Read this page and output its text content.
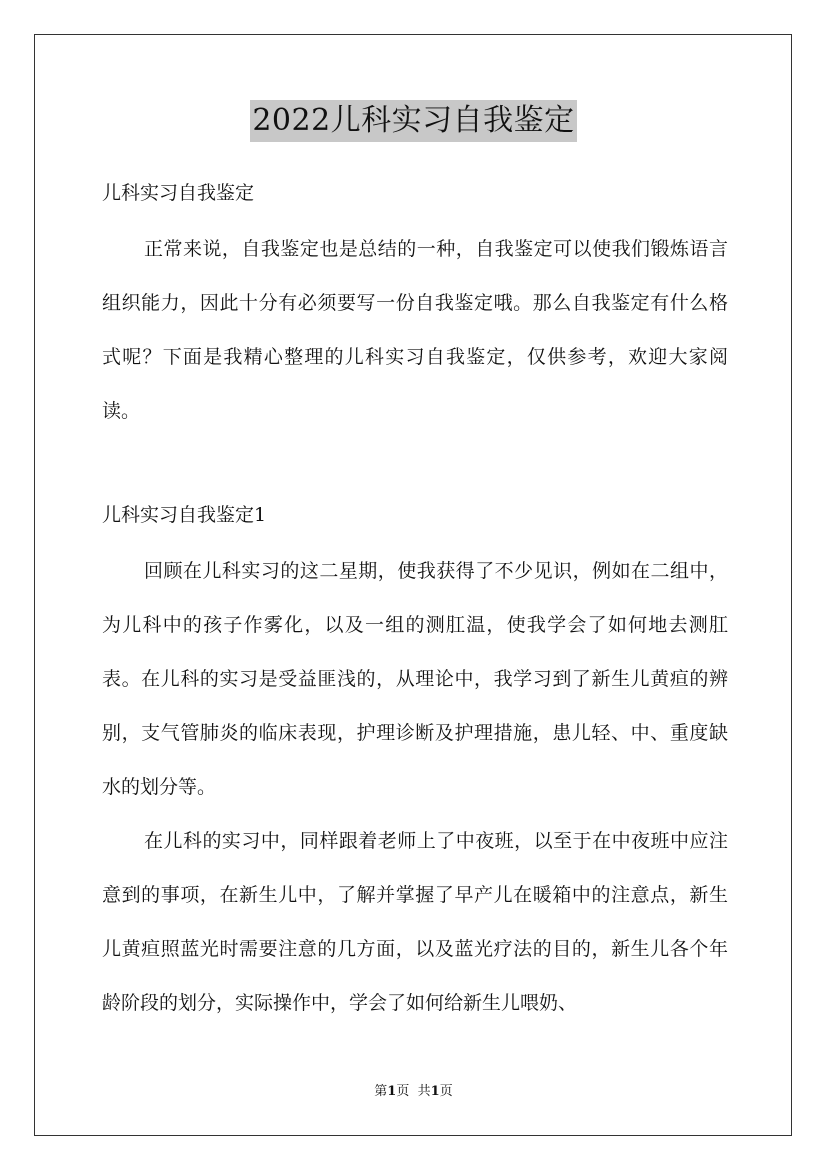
2022儿科实习自我鉴定

儿科实习自我鉴定

正常来说，自我鉴定也是总结的一种，自我鉴定可以使我们锻炼语言组织能力，因此十分有必须要写一份自我鉴定哦。那么自我鉴定有什么格式呢？下面是我精心整理的儿科实习自我鉴定，仅供参考，欢迎大家阅读。

儿科实习自我鉴定1

回顾在儿科实习的这二星期，使我获得了不少见识，例如在二组中，为儿科中的孩子作雾化，以及一组的测肛温，使我学会了如何地去测肛表。在儿科的实习是受益匪浅的，从理论中，我学习到了新生儿黄疸的辨别，支气管肺炎的临床表现，护理诊断及护理措施，患儿轻、中、重度缺水的划分等。

在儿科的实习中，同样跟着老师上了中夜班，以至于在中夜班中应注意到的事项，在新生儿中，了解并掌握了早产儿在暖箱中的注意点，新生儿黄疸照蓝光时需要注意的几方面，以及蓝光疗法的目的，新生儿各个年龄阶段的划分，实际操作中，学会了如何给新生儿喂奶、

第1页 共1页
